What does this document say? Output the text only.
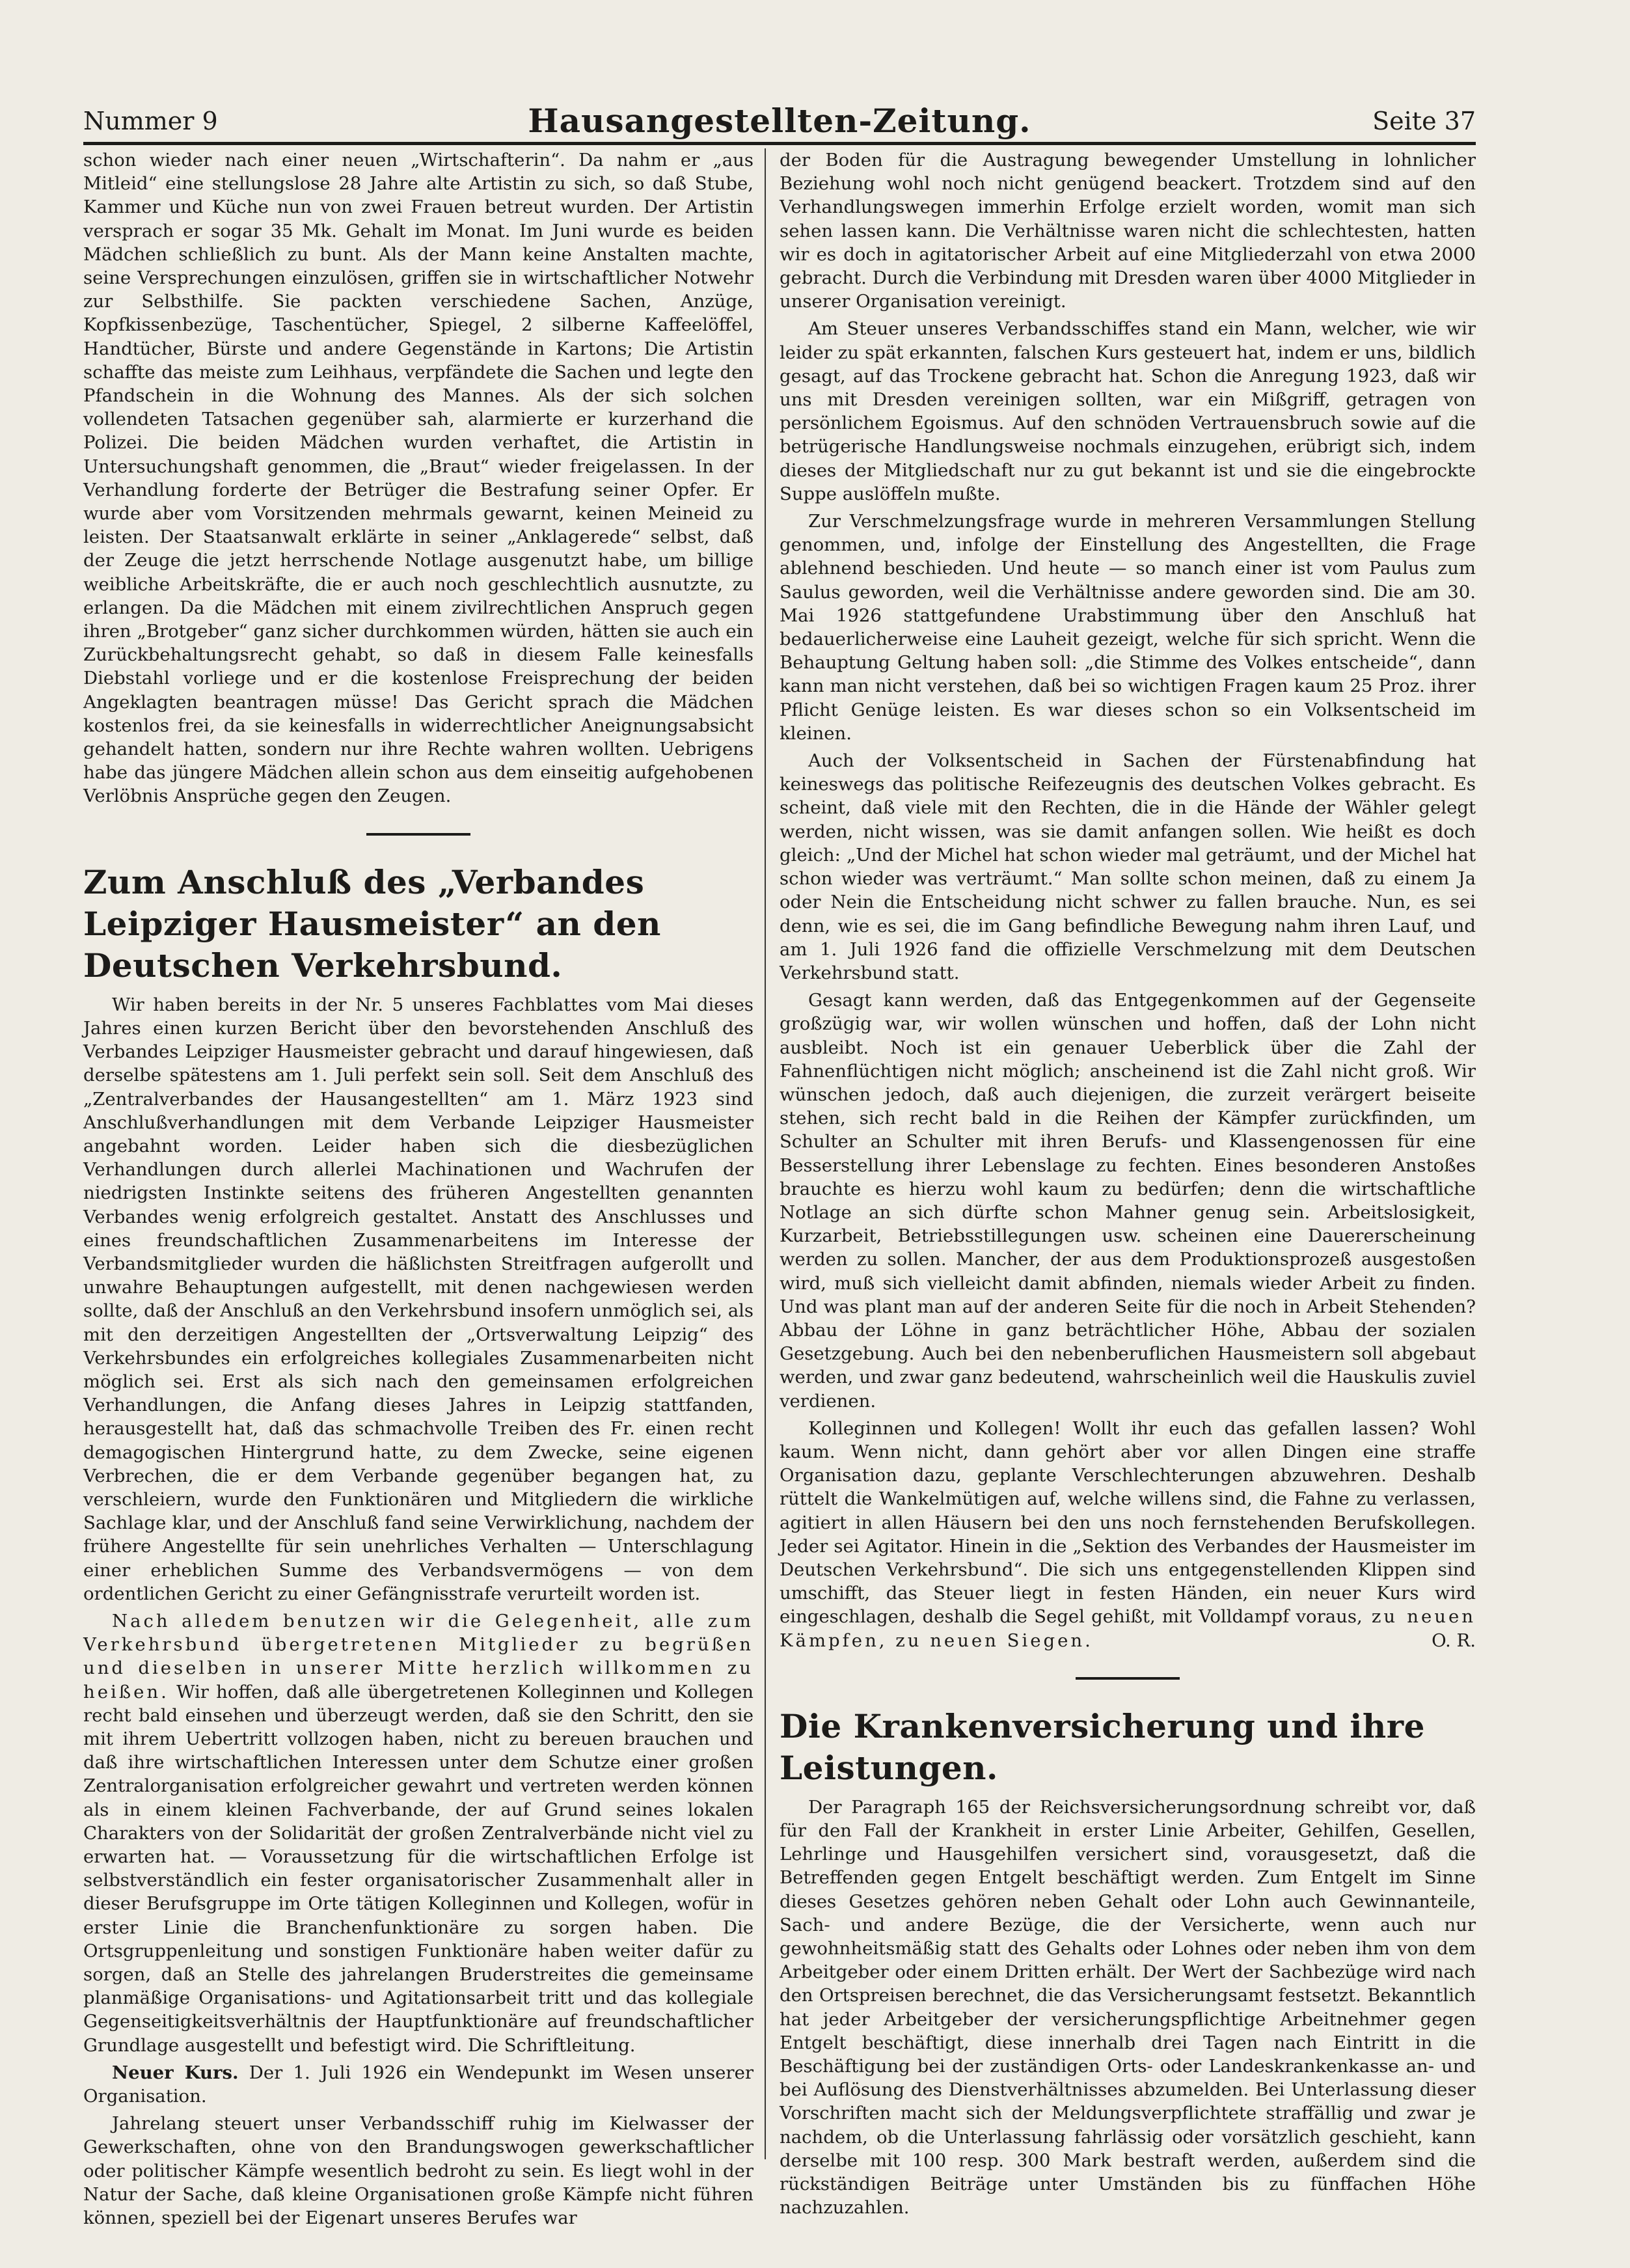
Nummer 9	Hausangestellten-Zeitung.	Seite 37

schon wieder nach einer neuen „Wirtschafterin“. Da nahm er „aus Mitleid“ eine stellungslose 28 Jahre alte Artistin zu sich, so daß Stube, Kammer und Küche nun von zwei Frauen betreut wurden. Der Artistin versprach er sogar 35 Mk. Gehalt im Monat. Im Juni wurde es beiden Mädchen schließlich zu bunt. Als der Mann keine Anstalten machte, seine Versprechungen einzulösen, griffen sie in wirtschaftlicher Notwehr zur Selbsthilfe. Sie packten verschiedene Sachen, Anzüge, Kopfkissenbezüge, Taschentücher, Spiegel, 2 silberne Kaffeelöffel, Handtücher, Bürste und andere Gegenstände in Kartons; Die Artistin schaffte das meiste zum Leihhaus, verpfändete die Sachen und legte den Pfandschein in die Wohnung des Mannes. Als der sich solchen vollendeten Tatsachen gegenüber sah, alarmierte er kurzerhand die Polizei. Die beiden Mädchen wurden verhaftet, die Artistin in Untersuchungshaft genommen, die „Braut“ wieder freigelassen. In der Verhandlung forderte der Betrüger die Bestrafung seiner Opfer. Er wurde aber vom Vorsitzenden mehrmals gewarnt, keinen Meineid zu leisten. Der Staatsanwalt erklärte in seiner „Anklagerede“ selbst, daß der Zeuge die jetzt herrschende Notlage ausgenutzt habe, um billige weibliche Arbeitskräfte, die er auch noch geschlechtlich ausnutzte, zu erlangen. Da die Mädchen mit einem zivilrechtlichen Anspruch gegen ihren „Brotgeber“ ganz sicher durchkommen würden, hätten sie auch ein Zurückbehaltungsrecht gehabt, so daß in diesem Falle keinesfalls Diebstahl vorliege und er die kostenlose Freisprechung der beiden Angeklagten beantragen müsse! Das Gericht sprach die Mädchen kostenlos frei, da sie keinesfalls in widerrechtlicher Aneignungsabsicht gehandelt hatten, sondern nur ihre Rechte wahren wollten. Uebrigens habe das jüngere Mädchen allein schon aus dem einseitig aufgehobenen Verlöbnis Ansprüche gegen den Zeugen.

Zum Anschluß des „Verbandes Leipziger Hausmeister“ an den Deutschen Verkehrsbund.

Wir haben bereits in der Nr. 5 unseres Fachblattes vom Mai dieses Jahres einen kurzen Bericht über den bevorstehenden Anschluß des Verbandes Leipziger Hausmeister gebracht und darauf hingewiesen, daß derselbe spätestens am 1. Juli perfekt sein soll. Seit dem Anschluß des „Zentralverbandes der Hausangestellten“ am 1. März 1923 sind Anschlußverhandlungen mit dem Verbande Leipziger Hausmeister angebahnt worden. Leider haben sich die diesbezüglichen Verhandlungen durch allerlei Machinationen und Wachrufen der niedrigsten Instinkte seitens des früheren Angestellten genannten Verbandes wenig erfolgreich gestaltet. Anstatt des Anschlusses und eines freundschaftlichen Zusammenarbeitens im Interesse der Verbandsmitglieder wurden die häßlichsten Streitfragen aufgerollt und unwahre Behauptungen aufgestellt, mit denen nachgewiesen werden sollte, daß der Anschluß an den Verkehrsbund insofern unmöglich sei, als mit den derzeitigen Angestellten der „Ortsverwaltung Leipzig“ des Verkehrsbundes ein erfolgreiches kollegiales Zusammenarbeiten nicht möglich sei. Erst als sich nach den gemeinsamen erfolgreichen Verhandlungen, die Anfang dieses Jahres in Leipzig stattfanden, herausgestellt hat, daß das schmachvolle Treiben des Fr. einen recht demagogischen Hintergrund hatte, zu dem Zwecke, seine eigenen Verbrechen, die er dem Verbande gegenüber begangen hat, zu verschleiern, wurde den Funktionären und Mitgliedern die wirkliche Sachlage klar, und der Anschluß fand seine Verwirklichung, nachdem der frühere Angestellte für sein unehrliches Verhalten — Unterschlagung einer erheblichen Summe des Verbandsvermögens — von dem ordentlichen Gericht zu einer Gefängnisstrafe verurteilt worden ist.

Nach alledem benutzen wir die Gelegenheit, alle zum Verkehrsbund übergetretenen Mitglieder zu begrüßen und dieselben in unserer Mitte herzlich willkommen zu heißen. Wir hoffen, daß alle übergetretenen Kolleginnen und Kollegen recht bald einsehen und überzeugt werden, daß sie den Schritt, den sie mit ihrem Uebertritt vollzogen haben, nicht zu bereuen brauchen und daß ihre wirtschaftlichen Interessen unter dem Schutze einer großen Zentralorganisation erfolgreicher gewahrt und vertreten werden können als in einem kleinen Fachverbande, der auf Grund seines lokalen Charakters von der Solidarität der großen Zentralverbände nicht viel zu erwarten hat. — Voraussetzung für die wirtschaftlichen Erfolge ist selbstverständlich ein fester organisatorischer Zusammenhalt aller in dieser Berufsgruppe im Orte tätigen Kolleginnen und Kollegen, wofür in erster Linie die Branchenfunktionäre zu sorgen haben. Die Ortsgruppenleitung und sonstigen Funktionäre haben weiter dafür zu sorgen, daß an Stelle des jahrelangen Bruderstreites die gemeinsame planmäßige Organisations- und Agitationsarbeit tritt und das kollegiale Gegenseitigkeitsverhältnis der Hauptfunktionäre auf freundschaftlicher Grundlage ausgestellt und befestigt wird. Die Schriftleitung.

Neuer Kurs. Der 1. Juli 1926 ein Wendepunkt im Wesen unserer Organisation.

Jahrelang steuert unser Verbandsschiff ruhig im Kielwasser der Gewerkschaften, ohne von den Brandungswogen gewerkschaftlicher oder politischer Kämpfe wesentlich bedroht zu sein. Es liegt wohl in der Natur der Sache, daß kleine Organisationen große Kämpfe nicht führen können, speziell bei der Eigenart unseres Berufes war

der Boden für die Austragung bewegender Umstellung in lohnlicher Beziehung wohl noch nicht genügend beackert. Trotzdem sind auf den Verhandlungswegen immerhin Erfolge erzielt worden, womit man sich sehen lassen kann. Die Verhältnisse waren nicht die schlechtesten, hatten wir es doch in agitatorischer Arbeit auf eine Mitgliederzahl von etwa 2000 gebracht. Durch die Verbindung mit Dresden waren über 4000 Mitglieder in unserer Organisation vereinigt.

Am Steuer unseres Verbandsschiffes stand ein Mann, welcher, wie wir leider zu spät erkannten, falschen Kurs gesteuert hat, indem er uns, bildlich gesagt, auf das Trockene gebracht hat. Schon die Anregung 1923, daß wir uns mit Dresden vereinigen sollten, war ein Mißgriff, getragen von persönlichem Egoismus. Auf den schnöden Vertrauensbruch sowie auf die betrügerische Handlungsweise nochmals einzugehen, erübrigt sich, indem dieses der Mitgliedschaft nur zu gut bekannt ist und sie die eingebrockte Suppe auslöffeln mußte.

Zur Verschmelzungsfrage wurde in mehreren Versammlungen Stellung genommen, und, infolge der Einstellung des Angestellten, die Frage ablehnend beschieden. Und heute — so manch einer ist vom Paulus zum Saulus geworden, weil die Verhältnisse andere geworden sind. Die am 30. Mai 1926 stattgefundene Urabstimmung über den Anschluß hat bedauerlicherweise eine Lauheit gezeigt, welche für sich spricht. Wenn die Behauptung Geltung haben soll: „die Stimme des Volkes entscheide“, dann kann man nicht verstehen, daß bei so wichtigen Fragen kaum 25 Proz. ihrer Pflicht Genüge leisten. Es war dieses schon so ein Volksentscheid im kleinen.

Auch der Volksentscheid in Sachen der Fürstenabfindung hat keineswegs das politische Reifezeugnis des deutschen Volkes gebracht. Es scheint, daß viele mit den Rechten, die in die Hände der Wähler gelegt werden, nicht wissen, was sie damit anfangen sollen. Wie heißt es doch gleich: „Und der Michel hat schon wieder mal geträumt, und der Michel hat schon wieder was verträumt.“ Man sollte schon meinen, daß zu einem Ja oder Nein die Entscheidung nicht schwer zu fallen brauche. Nun, es sei denn, wie es sei, die im Gang befindliche Bewegung nahm ihren Lauf, und am 1. Juli 1926 fand die offizielle Verschmelzung mit dem Deutschen Verkehrsbund statt.

Gesagt kann werden, daß das Entgegenkommen auf der Gegenseite großzügig war, wir wollen wünschen und hoffen, daß der Lohn nicht ausbleibt. Noch ist ein genauer Ueberblick über die Zahl der Fahnenflüchtigen nicht möglich; anscheinend ist die Zahl nicht groß. Wir wünschen jedoch, daß auch diejenigen, die zurzeit verärgert beiseite stehen, sich recht bald in die Reihen der Kämpfer zurückfinden, um Schulter an Schulter mit ihren Berufs- und Klassengenossen für eine Besserstellung ihrer Lebenslage zu fechten. Eines besonderen Anstoßes brauchte es hierzu wohl kaum zu bedürfen; denn die wirtschaftliche Notlage an sich dürfte schon Mahner genug sein. Arbeitslosigkeit, Kurzarbeit, Betriebsstillegungen usw. scheinen eine Dauererscheinung werden zu sollen. Mancher, der aus dem Produktionsprozeß ausgestoßen wird, muß sich vielleicht damit abfinden, niemals wieder Arbeit zu finden. Und was plant man auf der anderen Seite für die noch in Arbeit Stehenden? Abbau der Löhne in ganz beträchtlicher Höhe, Abbau der sozialen Gesetzgebung. Auch bei den nebenberuflichen Hausmeistern soll abgebaut werden, und zwar ganz bedeutend, wahrscheinlich weil die Hauskulis zuviel verdienen.

Kolleginnen und Kollegen! Wollt ihr euch das gefallen lassen? Wohl kaum. Wenn nicht, dann gehört aber vor allen Dingen eine straffe Organisation dazu, geplante Verschlechterungen abzuwehren. Deshalb rüttelt die Wankelmütigen auf, welche willens sind, die Fahne zu verlassen, agitiert in allen Häusern bei den uns noch fernstehenden Berufskollegen. Jeder sei Agitator. Hinein in die „Sektion des Verbandes der Hausmeister im Deutschen Verkehrsbund“. Die sich uns entgegenstellenden Klippen sind umschifft, das Steuer liegt in festen Händen, ein neuer Kurs wird eingeschlagen, deshalb die Segel gehißt, mit Volldampf voraus, zu neuen Kämpfen, zu neuen Siegen.	O. R.

Die Krankenversicherung und ihre Leistungen.

Der Paragraph 165 der Reichsversicherungsordnung schreibt vor, daß für den Fall der Krankheit in erster Linie Arbeiter, Gehilfen, Gesellen, Lehrlinge und Hausgehilfen versichert sind, vorausgesetzt, daß die Betreffenden gegen Entgelt beschäftigt werden. Zum Entgelt im Sinne dieses Gesetzes gehören neben Gehalt oder Lohn auch Gewinnanteile, Sach- und andere Bezüge, die der Versicherte, wenn auch nur gewohnheitsmäßig statt des Gehalts oder Lohnes oder neben ihm von dem Arbeitgeber oder einem Dritten erhält. Der Wert der Sachbezüge wird nach den Ortspreisen berechnet, die das Versicherungsamt festsetzt. Bekanntlich hat jeder Arbeitgeber der versicherungspflichtige Arbeitnehmer gegen Entgelt beschäftigt, diese innerhalb drei Tagen nach Eintritt in die Beschäftigung bei der zuständigen Orts- oder Landeskrankenkasse an- und bei Auflösung des Dienstverhältnisses abzumelden. Bei Unterlassung dieser Vorschriften macht sich der Meldungsverpflichtete straffällig und zwar je nachdem, ob die Unterlassung fahrlässig oder vorsätzlich geschieht, kann derselbe mit 100 resp. 300 Mark bestraft werden, außerdem sind die rückständigen Beiträge unter Umständen bis zu fünffachen Höhe nachzuzahlen.
